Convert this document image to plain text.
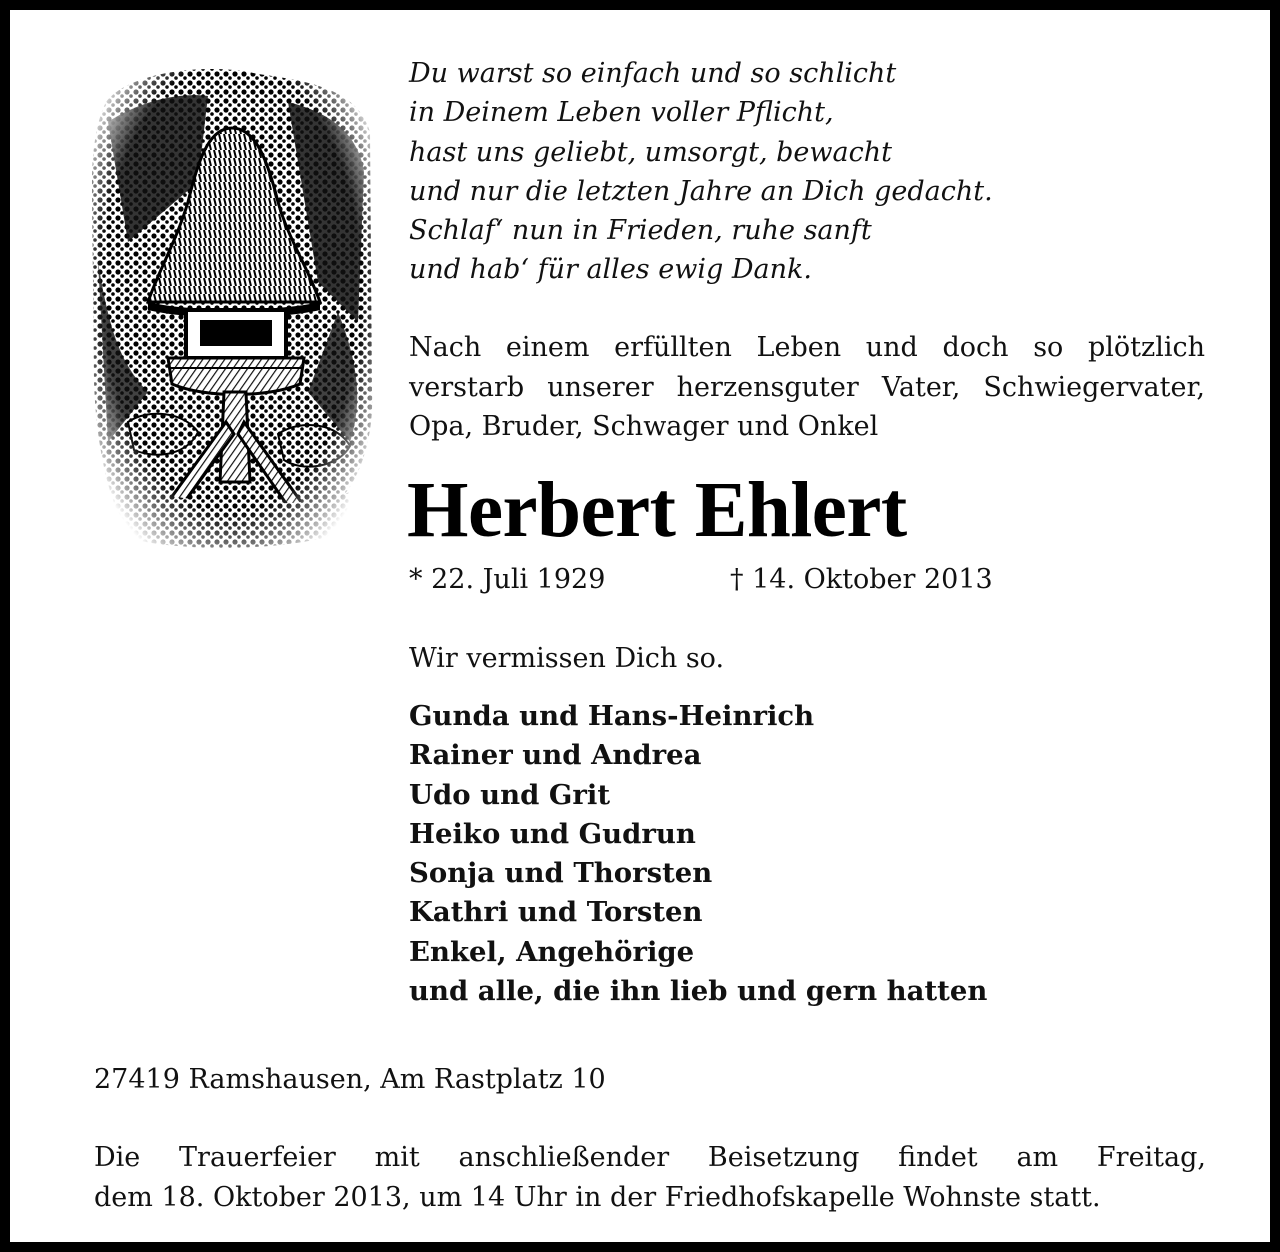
Du warst so einfach und so schlicht
in Deinem Leben voller Pflicht,
hast uns geliebt, umsorgt, bewacht
und nur die letzten Jahre an Dich gedacht.
Schlaf‘ nun in Frieden, ruhe sanft
und hab‘ für alles ewig Dank.
Nach einem erfüllten Leben und doch so plötzlich
verstarb unserer herzensguter Vater, Schwiegervater,
Opa, Bruder, Schwager und Onkel
Herbert Ehlert
* 22. Juli 1929	† 14. Oktober 2013
Wir vermissen Dich so.
Gunda und Hans-Heinrich
Rainer und Andrea
Udo und Grit
Heiko und Gudrun
Sonja und Thorsten
Kathri und Torsten
Enkel, Angehörige
und alle, die ihn lieb und gern hatten
27419 Ramshausen, Am Rastplatz 10
Die Trauerfeier mit anschließender Beisetzung findet am Freitag,
dem 18. Oktober 2013, um 14 Uhr in der Friedhofskapelle Wohnste statt.
